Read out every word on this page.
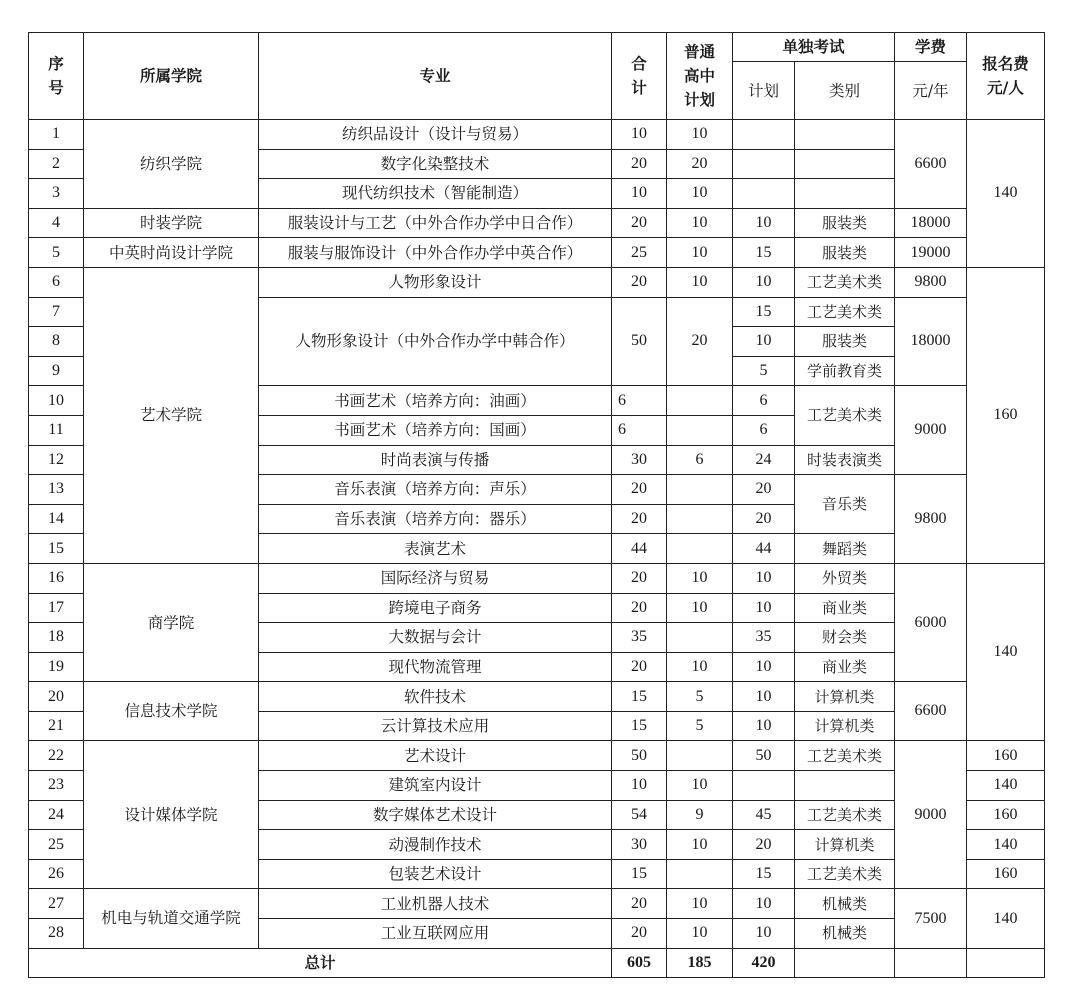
序号	所属学院	专业	合计	普通高中计划	单独考试		学费	报名费元/人
					计划	类别	元/年	
1	纺织学院	纺织品设计（设计与贸易）	10	10			6600	140
2		数字化染整技术	20	20				
3		现代纺织技术（智能制造）	10	10				
4	时装学院	服装设计与工艺（中外合作办学中日合作）	20	10	10	服装类	18000	
5	中英时尚设计学院	服装与服饰设计（中外合作办学中英合作）	25	10	15	服装类	19000	
6	艺术学院	人物形象设计	20	10	10	工艺美术类	9800	160
7		人物形象设计（中外合作办学中韩合作）	50	20	15	工艺美术类	18000	
8					10	服装类		
9					5	学前教育类		
10		书画艺术（培养方向：油画）	6		6	工艺美术类	9000	
11		书画艺术（培养方向：国画）	6		6			
12		时尚表演与传播	30	6	24	时装表演类		
13		音乐表演（培养方向：声乐）	20		20	音乐类	9800	
14		音乐表演（培养方向：器乐）	20		20			
15		表演艺术	44		44	舞蹈类		
16	商学院	国际经济与贸易	20	10	10	外贸类	6000	140
17		跨境电子商务	20	10	10	商业类		
18		大数据与会计	35		35	财会类		
19		现代物流管理	20	10	10	商业类		
20	信息技术学院	软件技术	15	5	10	计算机类	6600	
21		云计算技术应用	15	5	10	计算机类		
22	设计媒体学院	艺术设计	50		50	工艺美术类	9000	160
23		建筑室内设计	10	10				140
24		数字媒体艺术设计	54	9	45	工艺美术类		160
25		动漫制作技术	30	10	20	计算机类		140
26		包装艺术设计	15		15	工艺美术类		160
27	机电与轨道交通学院	工业机器人技术	20	10	10	机械类	7500	140
28		工业互联网应用	20	10	10	机械类		
总计			605	185	420			
